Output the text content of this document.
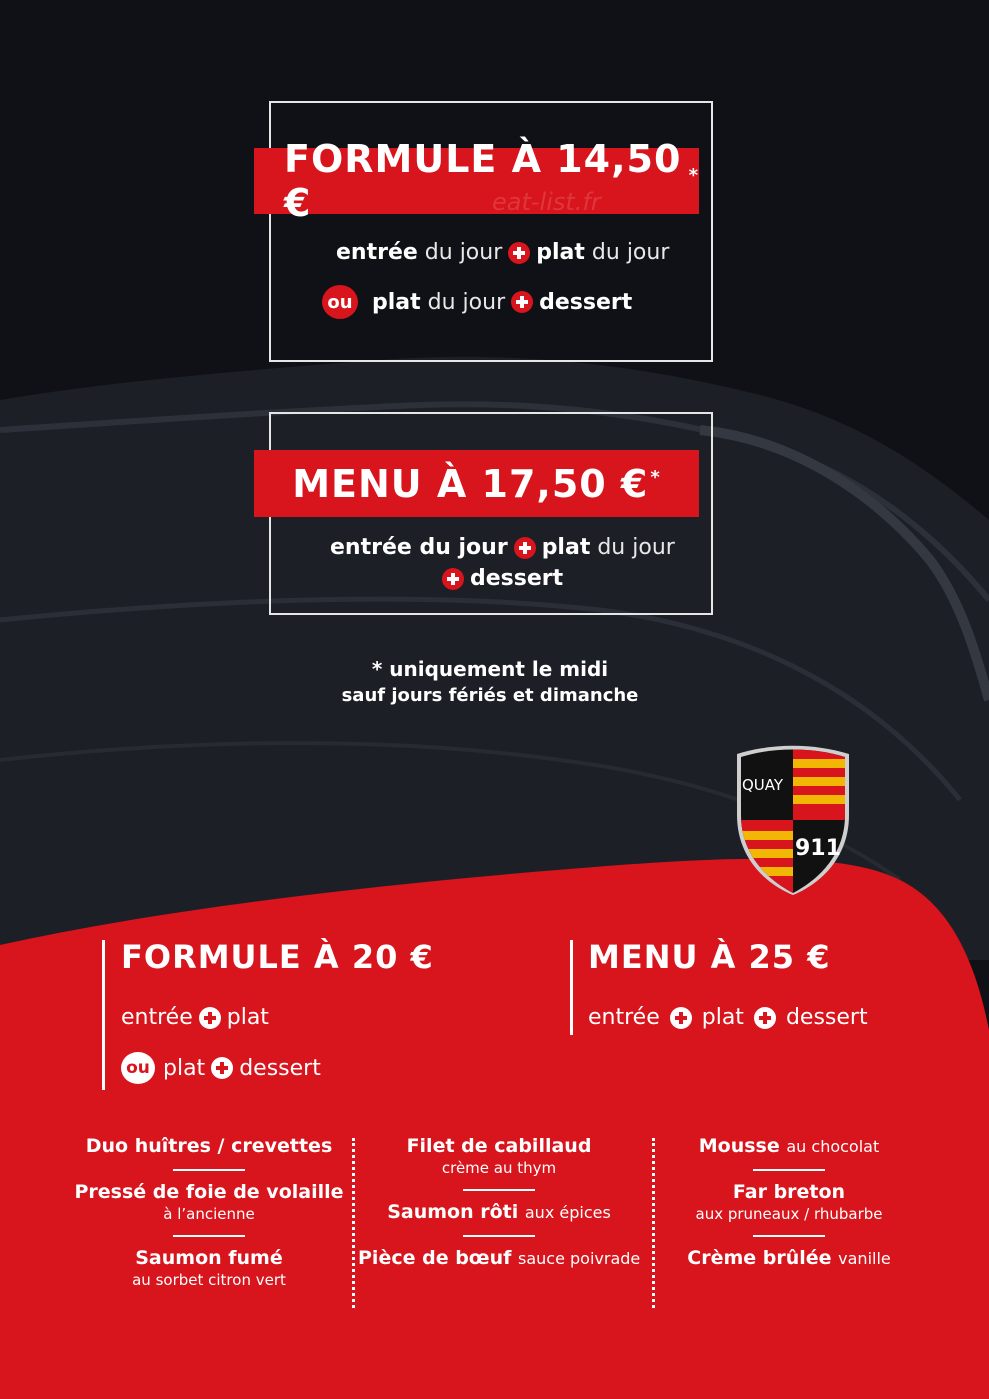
FORMULE À 14,50 €
*
eat-list.fr
entrée
du jour plat
du jour
ou plat
du jour dessert
MENU À 17,50 €*
entrée du jour plat
du jour
dessert
* uniquement le midi
sauf jours fériés et dimanche
QUAY
911
FORMULE À 20 €
entrée plat
ou plat dessert
MENU À 25 €
entrée plat dessert
Duo huîtres / crevettes
Pressé de foie de volaille
à l’ancienne
Saumon fumé
au sorbet citron vert
Filet de cabillaud
crème au thym
Saumon rôti aux épices
Pièce de bœuf sauce poivrade
Mousse au chocolat
Far breton
aux pruneaux / rhubarbe
Crème brûlée vanille
